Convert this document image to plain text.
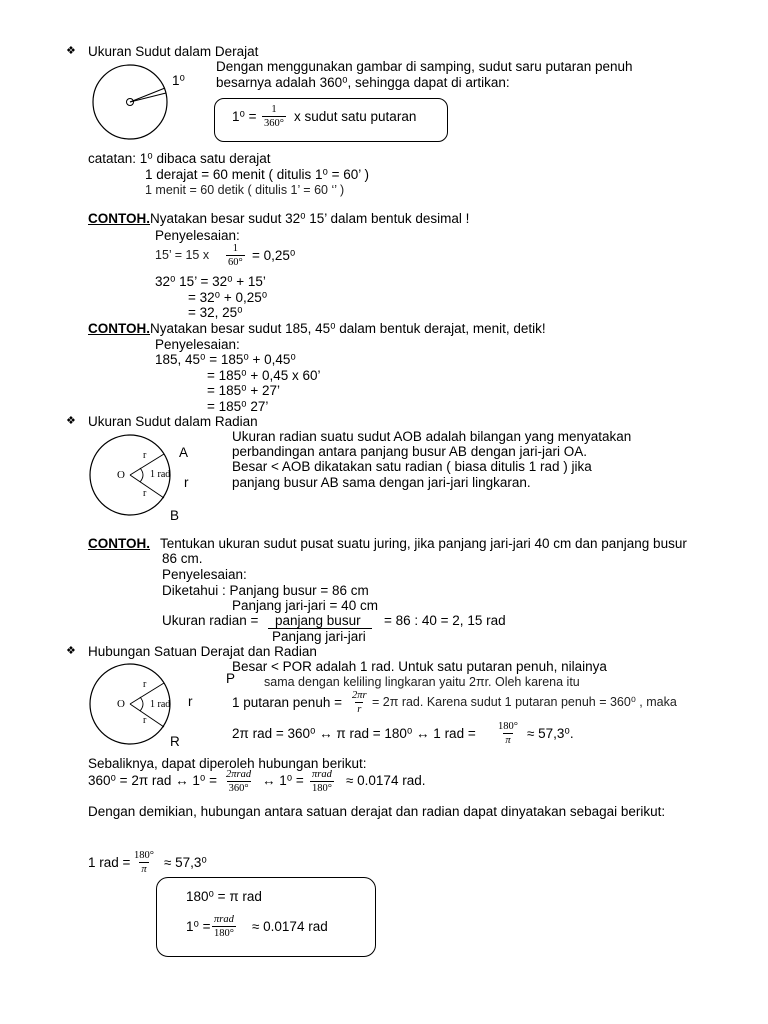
❖ Ukuran Sudut dalam Derajat
1⁰
Dengan menggunakan gambar di samping, sudut saru putaran penuh
besarnya adalah 360⁰, sehingga dapat di artikan:
$1^0 = \frac{1}{360^\circ}$ x sudut satu putaran
catatan: 1⁰ dibaca satu derajat
1 derajat = 60 menit ( ditulis 1⁰ = 60’ )
1 menit = 60 detik ( ditulis 1’ = 60 ‘’ )
CONTOH. Nyatakan besar sudut 32⁰ 15’ dalam bentuk desimal !
Penyelesaian:
15’ = 15 x $\frac{1}{60^\circ} = 0,25^0$
32⁰ 15’ = 32⁰ + 15’
= 32⁰ + 0,25⁰
= 32, 25⁰
CONTOH. Nyatakan besar sudut 185, 45⁰ dalam bentuk derajat, menit, detik!
Penyelesaian:
185, 45⁰ = 185⁰ + 0,45⁰
= 185⁰ + 0,45 x 60’
= 185⁰ + 27’
= 185⁰ 27’
❖ Ukuran Sudut dalam Radian
O
r
r
1 rad
A
r
B
Ukuran radian suatu sudut AOB adalah bilangan yang menyatakan
perbandingan antara panjang busur AB dengan jari-jari OA.
Besar < AOB dikatakan satu radian ( biasa ditulis 1 rad ) jika
panjang busur AB sama dengan jari-jari lingkaran.
CONTOH. Tentukan ukuran sudut pusat suatu juring, jika panjang jari-jari 40 cm dan panjang busur
86 cm.
Penyelesaian:
Diketahui : Panjang busur = 86 cm
Panjang jari-jari = 40 cm
Ukuran radian = panjang busur
Panjang jari-jari
= 86 : 40 = 2, 15 rad
❖ Hubungan Satuan Derajat dan Radian
O
r
r
1 rad
P
r
R
Besar < POR adalah 1 rad. Untuk satu putaran penuh, nilainya
sama dengan keliling lingkaran yaitu 2πr. Oleh karena itu
1 putaran penuh = $\frac{2\pi r}{r} = 2\pi$ rad. Karena sudut 1 putaran penuh = 360⁰ , maka
2π rad = 360⁰ ↔ π rad = 180⁰ ↔ 1 rad = $\frac{180^\circ}{\pi} \approx 57,3^0$.
Sebaliknya, dapat diperoleh hubungan berikut:
360⁰ = 2π rad ↔ 1⁰ = 2πrad
360°
↔ 1⁰ = πrad
180°
≈ 0.0174 rad.
Dengan demikian, hubungan antara satuan derajat dan radian dapat dinyatakan sebagai berikut:
1 rad = $\frac{180^\circ}{\pi} \approx 57,3^0$
180⁰ = π rad
1⁰ = πrad
180° ≈ 0.0174 rad
